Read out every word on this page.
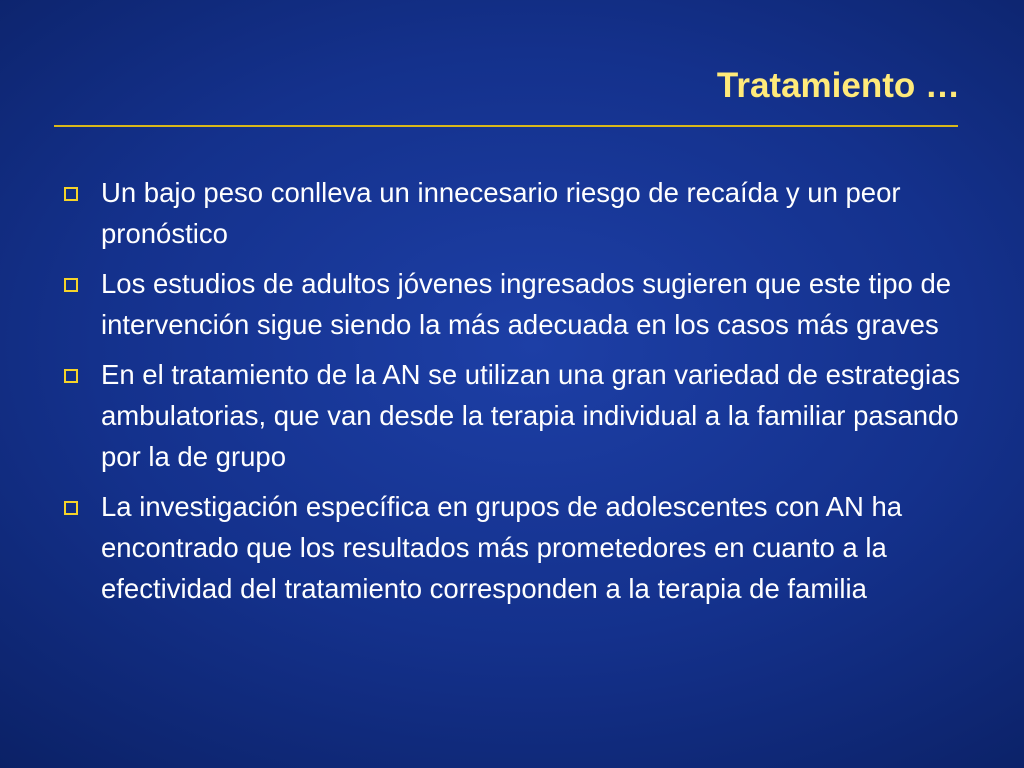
Tratamiento …
Un bajo peso conlleva un innecesario riesgo de recaída y un peor pronóstico
Los estudios de adultos jóvenes ingresados sugieren que este tipo de intervención sigue siendo la más adecuada en los casos más graves
En el tratamiento de la AN se utilizan una gran variedad de estrategias ambulatorias, que van desde la terapia individual a la familiar pasando por la de grupo
La investigación específica en grupos de adolescentes con AN ha encontrado que los resultados más prometedores en cuanto a la efectividad del tratamiento corresponden a la terapia de familia
